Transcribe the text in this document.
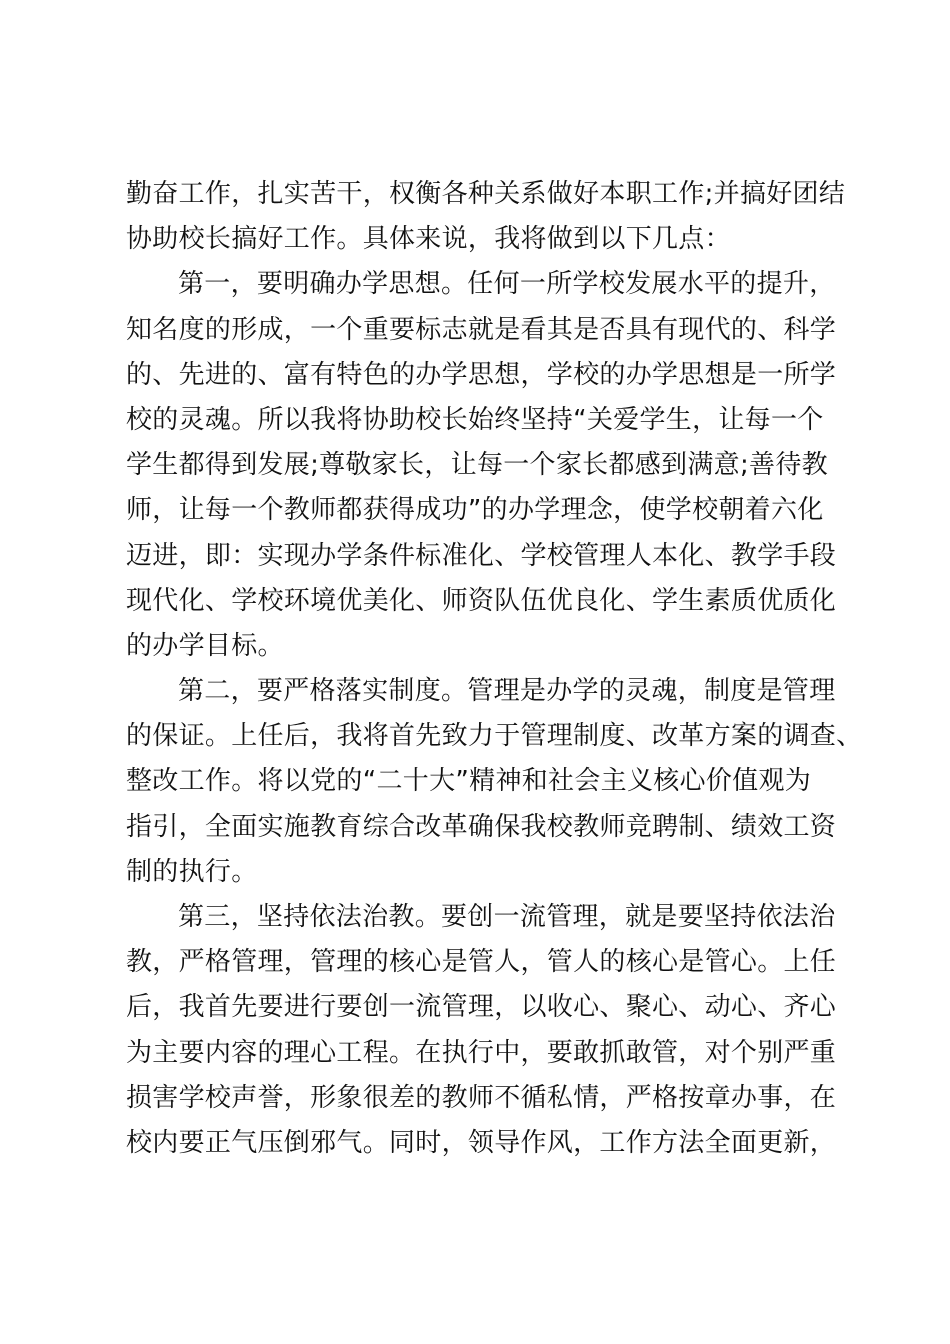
勤奋工作，扎实苦干，权衡各种关系做好本职工作;并搞好团结
协助校长搞好工作。具体来说，我将做到以下几点：
第一，要明确办学思想。任何一所学校发展水平的提升，
知名度的形成，一个重要标志就是看其是否具有现代的、科学
的、先进的、富有特色的办学思想，学校的办学思想是一所学
校的灵魂。所以我将协助校长始终坚持“关爱学生，让每一个
学生都得到发展;尊敬家长，让每一个家长都感到满意;善待教
师，让每一个教师都获得成功”的办学理念，使学校朝着六化
迈进，即：实现办学条件标准化、学校管理人本化、教学手段
现代化、学校环境优美化、师资队伍优良化、学生素质优质化
的办学目标。
第二，要严格落实制度。管理是办学的灵魂，制度是管理
的保证。上任后，我将首先致力于管理制度、改革方案的调查、
整改工作。将以党的“二十大”精神和社会主义核心价值观为
指引，全面实施教育综合改革确保我校教师竞聘制、绩效工资
制的执行。
第三，坚持依法治教。要创一流管理，就是要坚持依法治
教，严格管理，管理的核心是管人，管人的核心是管心。上任
后，我首先要进行要创一流管理，以收心、聚心、动心、齐心
为主要内容的理心工程。在执行中，要敢抓敢管，对个别严重
损害学校声誉，形象很差的教师不循私情，严格按章办事，在
校内要正气压倒邪气。同时，领导作风，工作方法全面更新，
